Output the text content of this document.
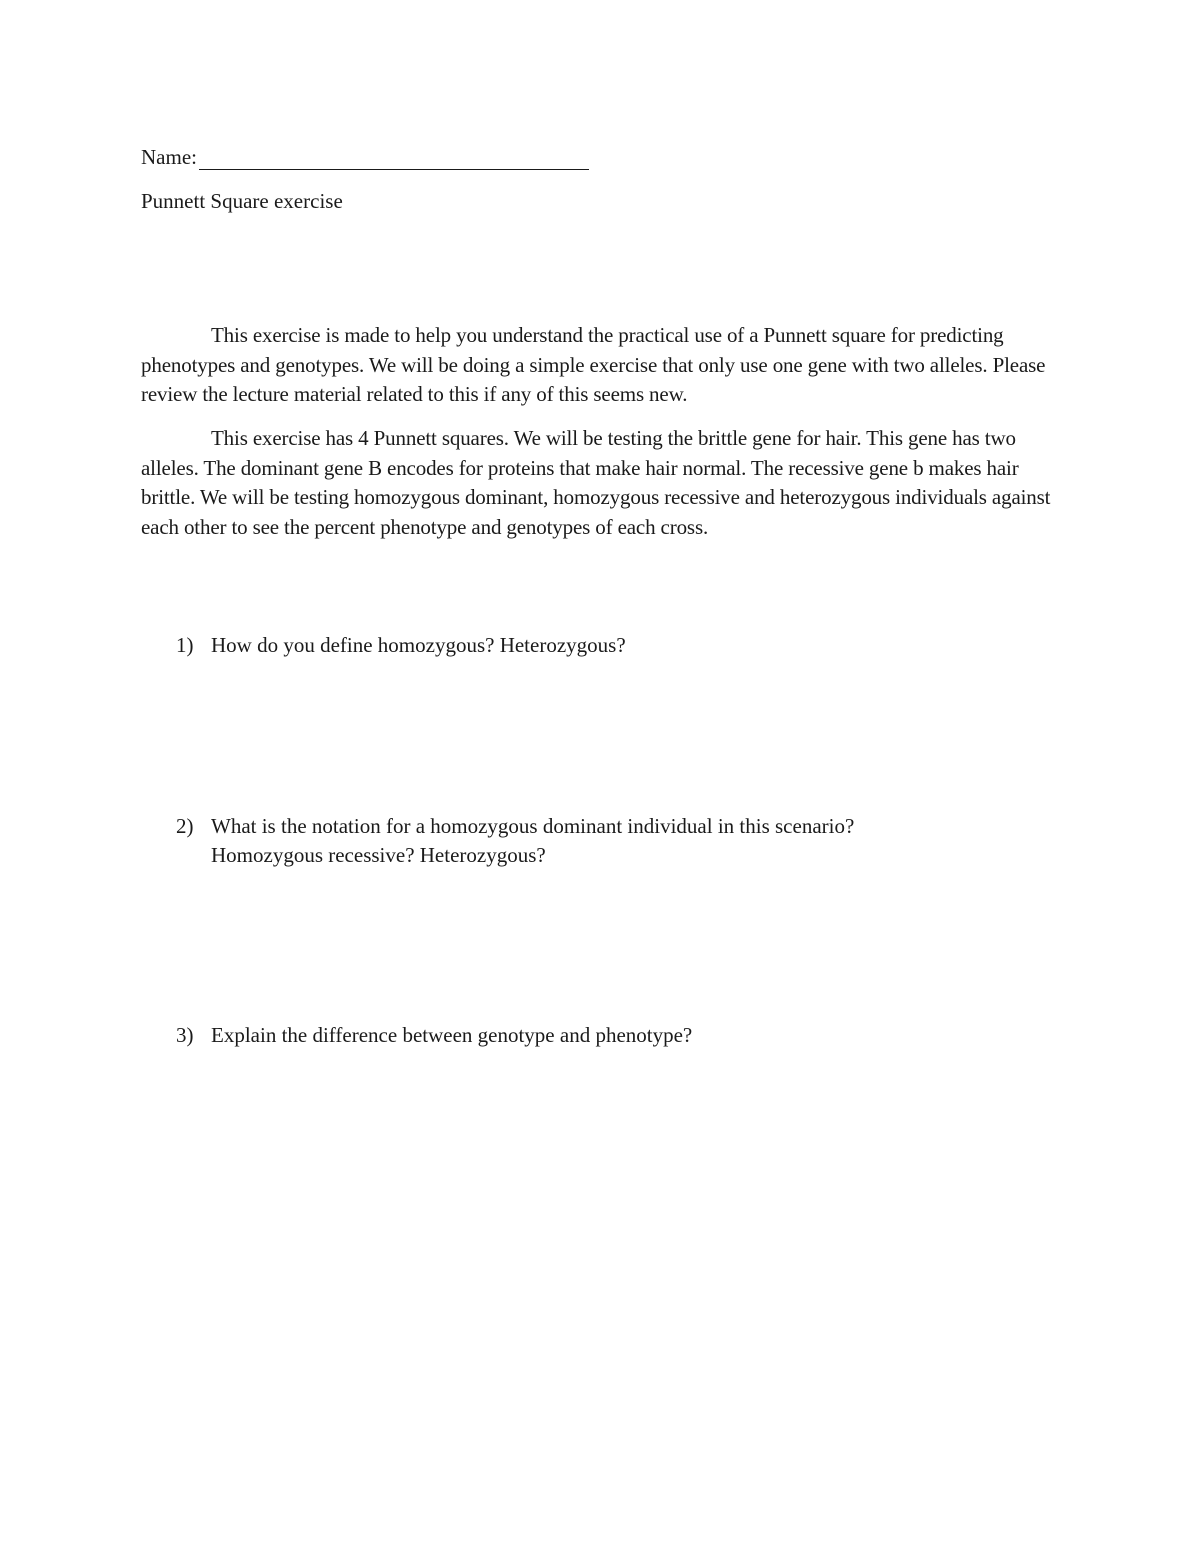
Name:
Punnett Square exercise

This exercise is made to help you understand the practical use of a Punnett square for predicting phenotypes and genotypes. We will be doing a simple exercise that only use one gene with two alleles. Please review the lecture material related to this if any of this seems new.

This exercise has 4 Punnett squares. We will be testing the brittle gene for hair. This gene has two alleles. The dominant gene B encodes for proteins that make hair normal. The recessive gene b makes hair brittle. We will be testing homozygous dominant, homozygous recessive and heterozygous individuals against each other to see the percent phenotype and genotypes of each cross.

1) How do you define homozygous? Heterozygous?
2) What is the notation for a homozygous dominant individual in this scenario?
Homozygous recessive? Heterozygous?
3) Explain the difference between genotype and phenotype?
